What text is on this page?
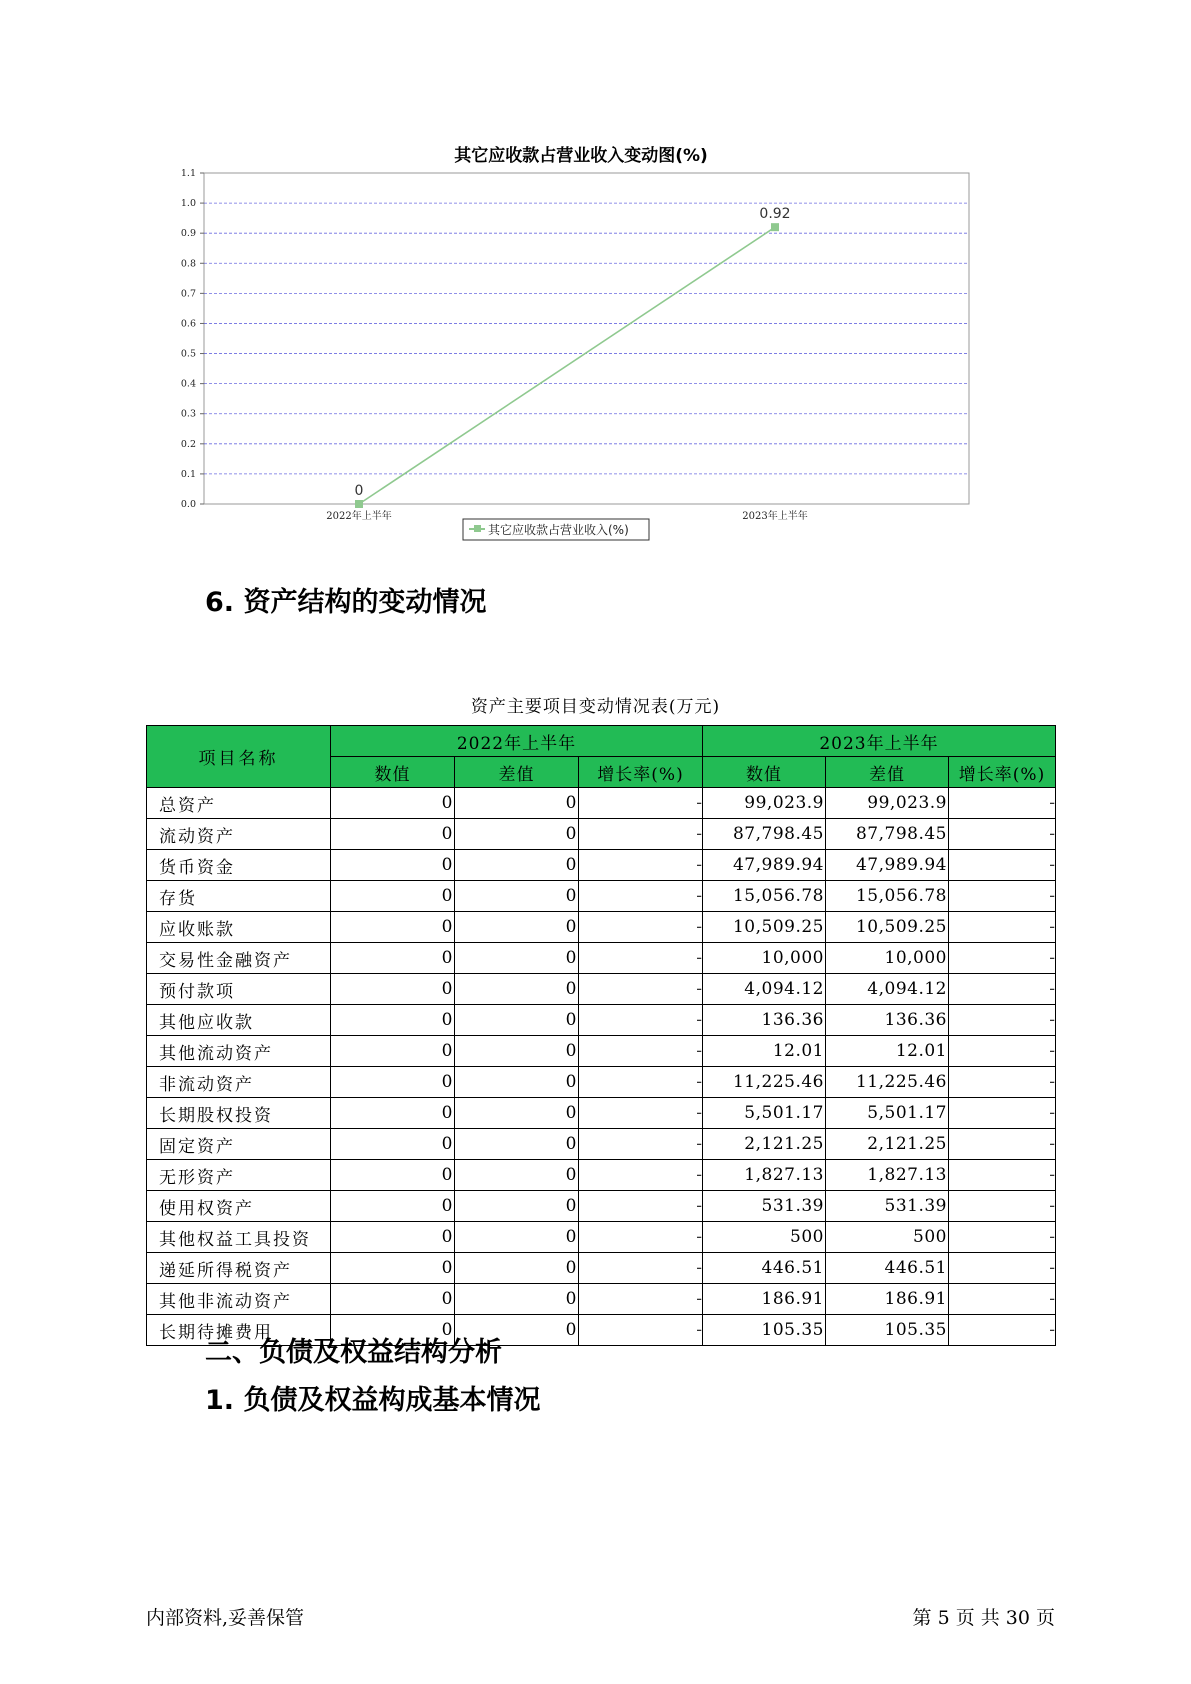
其它应收款占营业收入变动图(%)
0.0
0.1
0.2
0.3
0.4
0.5
0.6
0.7
0.8
0.9
1.0
1.1
2022年上半年	2023年上半年
0
0.92
其它应收款占营业收入(%)
6. 资产结构的变动情况
资产主要项目变动情况表(万元)
项目名称	2022年上半年			2023年上半年		
	数值	差值	增长率(%)	数值	差值	增长率(%)
总资产	0	0	-	99,023.9	99,023.9	-
流动资产	0	0	-	87,798.45	87,798.45	-
货币资金	0	0	-	47,989.94	47,989.94	-
存货	0	0	-	15,056.78	15,056.78	-
应收账款	0	0	-	10,509.25	10,509.25	-
交易性金融资产	0	0	-	10,000	10,000	-
预付款项	0	0	-	4,094.12	4,094.12	-
其他应收款	0	0	-	136.36	136.36	-
其他流动资产	0	0	-	12.01	12.01	-
非流动资产	0	0	-	11,225.46	11,225.46	-
长期股权投资	0	0	-	5,501.17	5,501.17	-
固定资产	0	0	-	2,121.25	2,121.25	-
无形资产	0	0	-	1,827.13	1,827.13	-
使用权资产	0	0	-	531.39	531.39	-
其他权益工具投资	0	0	-	500	500	-
递延所得税资产	0	0	-	446.51	446.51	-
其他非流动资产	0	0	-	186.91	186.91	-
长期待摊费用	0	0	-	105.35	105.35	-
二、负债及权益结构分析
1. 负债及权益构成基本情况
内部资料,妥善保管	第 5 页 共 30 页
